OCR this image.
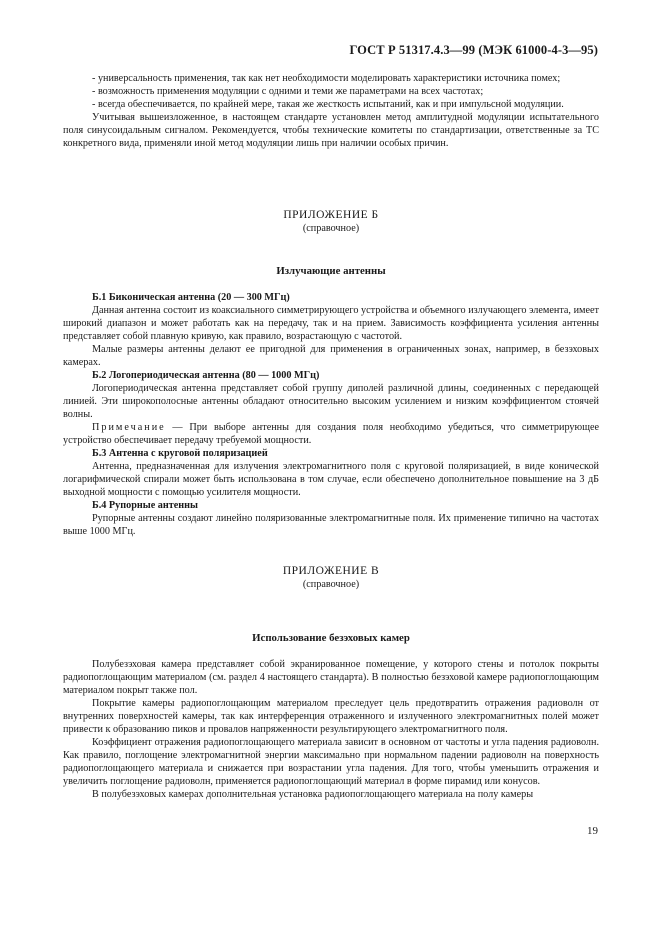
ГОСТ Р 51317.4.3—99 (МЭК 61000-4-3—95)

- универсальность применения, так как нет необходимости моделировать характеристики источника помех;

- возможность применения модуляции с одними и теми же параметрами на всех частотах;

- всегда обеспечивается, по крайней мере, такая же жесткость испытаний, как и при импульсной модуляции.

Учитывая вышеизложенное, в настоящем стандарте установлен метод амплитудной модуляции испытательного поля синусоидальным сигналом. Рекомендуется, чтобы технические комитеты по стандартизации, ответственные за ТС конкретного вида, применяли иной метод модуляции лишь при наличии особых причин.

ПРИЛОЖЕНИЕ Б

(справочное)

Излучающие антенны

Б.1 Биконическая антенна (20 — 300 МГц)

Данная антенна состоит из коаксиального симметрирующего устройства и объемного излучающего элемента, имеет широкий диапазон и может работать как на передачу, так и на прием. Зависимость коэффициента усиления антенны представляет собой плавную кривую, как правило, возрастающую с частотой.

Малые размеры антенны делают ее пригодной для применения в ограниченных зонах, например, в безэховых камерах.

Б.2 Логопериодическая антенна (80 — 1000 МГц)

Логопериодическая антенна представляет собой группу диполей различной длины, соединенных с передающей линией. Эти широкополосные антенны обладают относительно высоким усилением и низким коэффициентом стоячей волны.

Примечание — При выборе антенны для создания поля необходимо убедиться, что симметрирующее устройство обеспечивает передачу требуемой мощности.

Б.3 Антенна с круговой поляризацией

Антенна, предназначенная для излучения электромагнитного поля с круговой поляризацией, в виде конической логарифмической спирали может быть использована в том случае, если обеспечено дополнительное повышение на 3 дБ выходной мощности с помощью усилителя мощности.

Б.4 Рупорные антенны

Рупорные антенны создают линейно поляризованные электромагнитные поля. Их применение типично на частотах выше 1000 МГц.

ПРИЛОЖЕНИЕ В

(справочное)

Использование безэховых камер

Полубезэховая камера представляет собой экранированное помещение, у которого стены и потолок покрыты радиопоглощающим материалом (см. раздел 4 настоящего стандарта). В полностью безэховой камере радиопоглощающим материалом покрыт также пол.

Покрытие камеры радиопоглощающим материалом преследует цель предотвратить отражения радиоволн от внутренних поверхностей камеры, так как интерференция отраженного и излученного электромагнитных полей может привести к образованию пиков и провалов напряженности результирующего электромагнитного поля.

Коэффициент отражения радиопоглощающего материала зависит в основном от частоты и угла падения радиоволн. Как правило, поглощение электромагнитной энергии максимально при нормальном падении радиоволн на поверхность радиопоглощающего материала и снижается при возрастании угла падения. Для того, чтобы уменьшить отражения и увеличить поглощение радиоволн, применяется радиопоглощающий материал в форме пирамид или конусов.

В полубезэховых камерах дополнительная установка радиопоглощающего материала на полу камеры

19
